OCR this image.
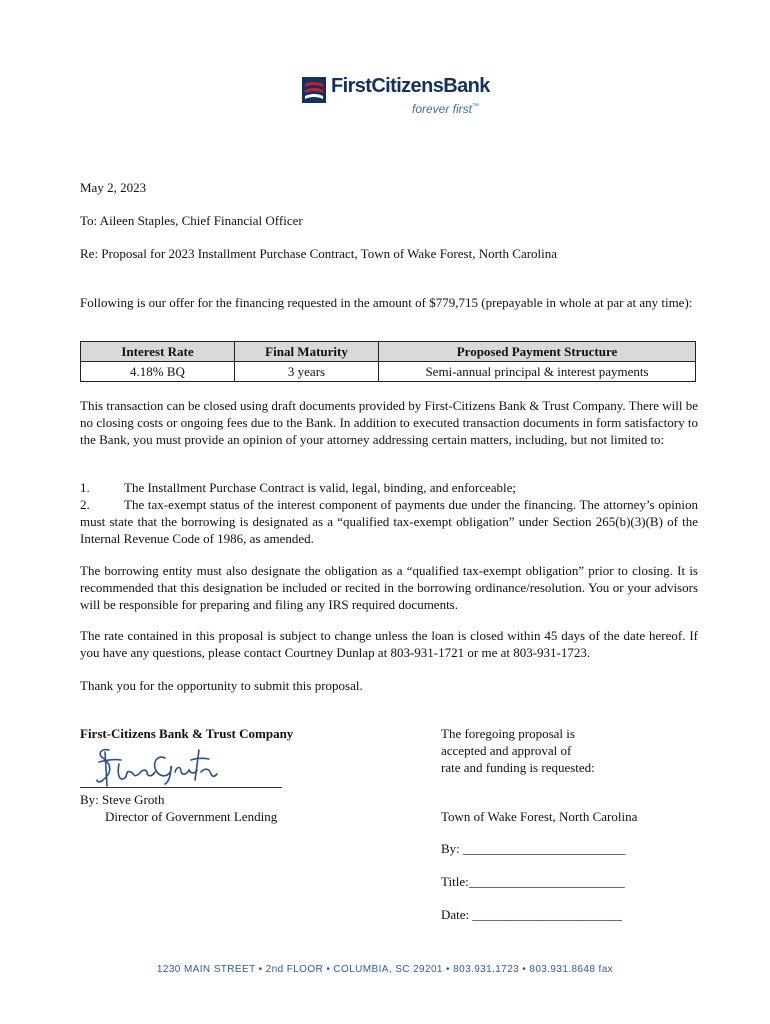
FirstCitizensBank
forever first™
May 2, 2023
To: Aileen Staples, Chief Financial Officer
Re: Proposal for 2023 Installment Purchase Contract, Town of Wake Forest, North Carolina
Following is our offer for the financing requested in the amount of $779,715 (prepayable in whole at par at any time):
Interest Rate	Final Maturity	Proposed Payment Structure
4.18% BQ	3 years	Semi-annual principal & interest payments
This transaction can be closed using draft documents provided by First-Citizens Bank & Trust Company. There will be no closing costs or ongoing fees due to the Bank. In addition to executed transaction documents in form satisfactory to the Bank, you must provide an opinion of your attorney addressing certain matters, including, but not limited to:
1.	The Installment Purchase Contract is valid, legal, binding, and enforceable;
2.	The tax-exempt status of the interest component of payments due under the financing. The attorney’s opinion must state that the borrowing is designated as a “qualified tax-exempt obligation” under Section 265(b)(3)(B) of the Internal Revenue Code of 1986, as amended.
The borrowing entity must also designate the obligation as a “qualified tax-exempt obligation” prior to closing. It is recommended that this designation be included or recited in the borrowing ordinance/resolution. You or your advisors will be responsible for preparing and filing any IRS required documents.
The rate contained in this proposal is subject to change unless the loan is closed within 45 days of the date hereof. If you have any questions, please contact Courtney Dunlap at 803-931-1721 or me at 803-931-1723.
Thank you for the opportunity to submit this proposal.
First-Citizens Bank & Trust Company
By: Steve Groth
Director of Government Lending
The foregoing proposal is
accepted and approval of
rate and funding is requested:
Town of Wake Forest, North Carolina
By: _________________________
Title:________________________
Date: _______________________
1230 MAIN STREET • 2nd FLOOR • COLUMBIA, SC 29201 • 803.931.1723 • 803.931.8648 fax
